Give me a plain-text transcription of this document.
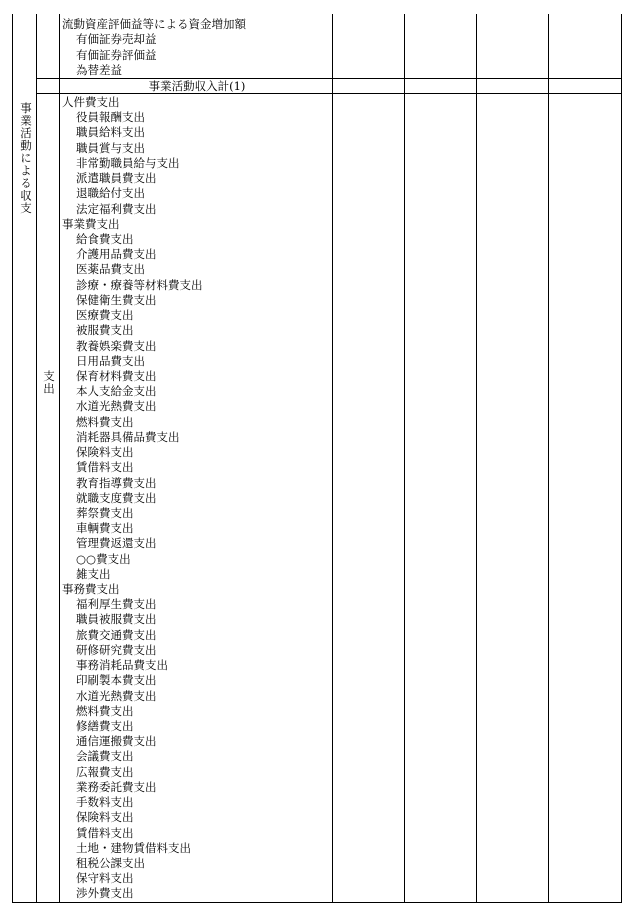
事業活動による収支
支出
流動資産評価益等による資金増加額
有価証券売却益
有価証券評価益
為替差益
事業活動収入計(1)
人件費支出
役員報酬支出
職員給料支出
職員賞与支出
非常勤職員給与支出
派遣職員費支出
退職給付支出
法定福利費支出
事業費支出
給食費支出
介護用品費支出
医薬品費支出
診療・療養等材料費支出
保健衛生費支出
医療費支出
被服費支出
教養娯楽費支出
日用品費支出
保育材料費支出
本人支給金支出
水道光熱費支出
燃料費支出
消耗器具備品費支出
保険料支出
賃借料支出
教育指導費支出
就職支度費支出
葬祭費支出
車輌費支出
管理費返還支出
○○費支出
雑支出
事務費支出
福利厚生費支出
職員被服費支出
旅費交通費支出
研修研究費支出
事務消耗品費支出
印刷製本費支出
水道光熱費支出
燃料費支出
修繕費支出
通信運搬費支出
会議費支出
広報費支出
業務委託費支出
手数料支出
保険料支出
賃借料支出
土地・建物賃借料支出
租税公課支出
保守料支出
渉外費支出
